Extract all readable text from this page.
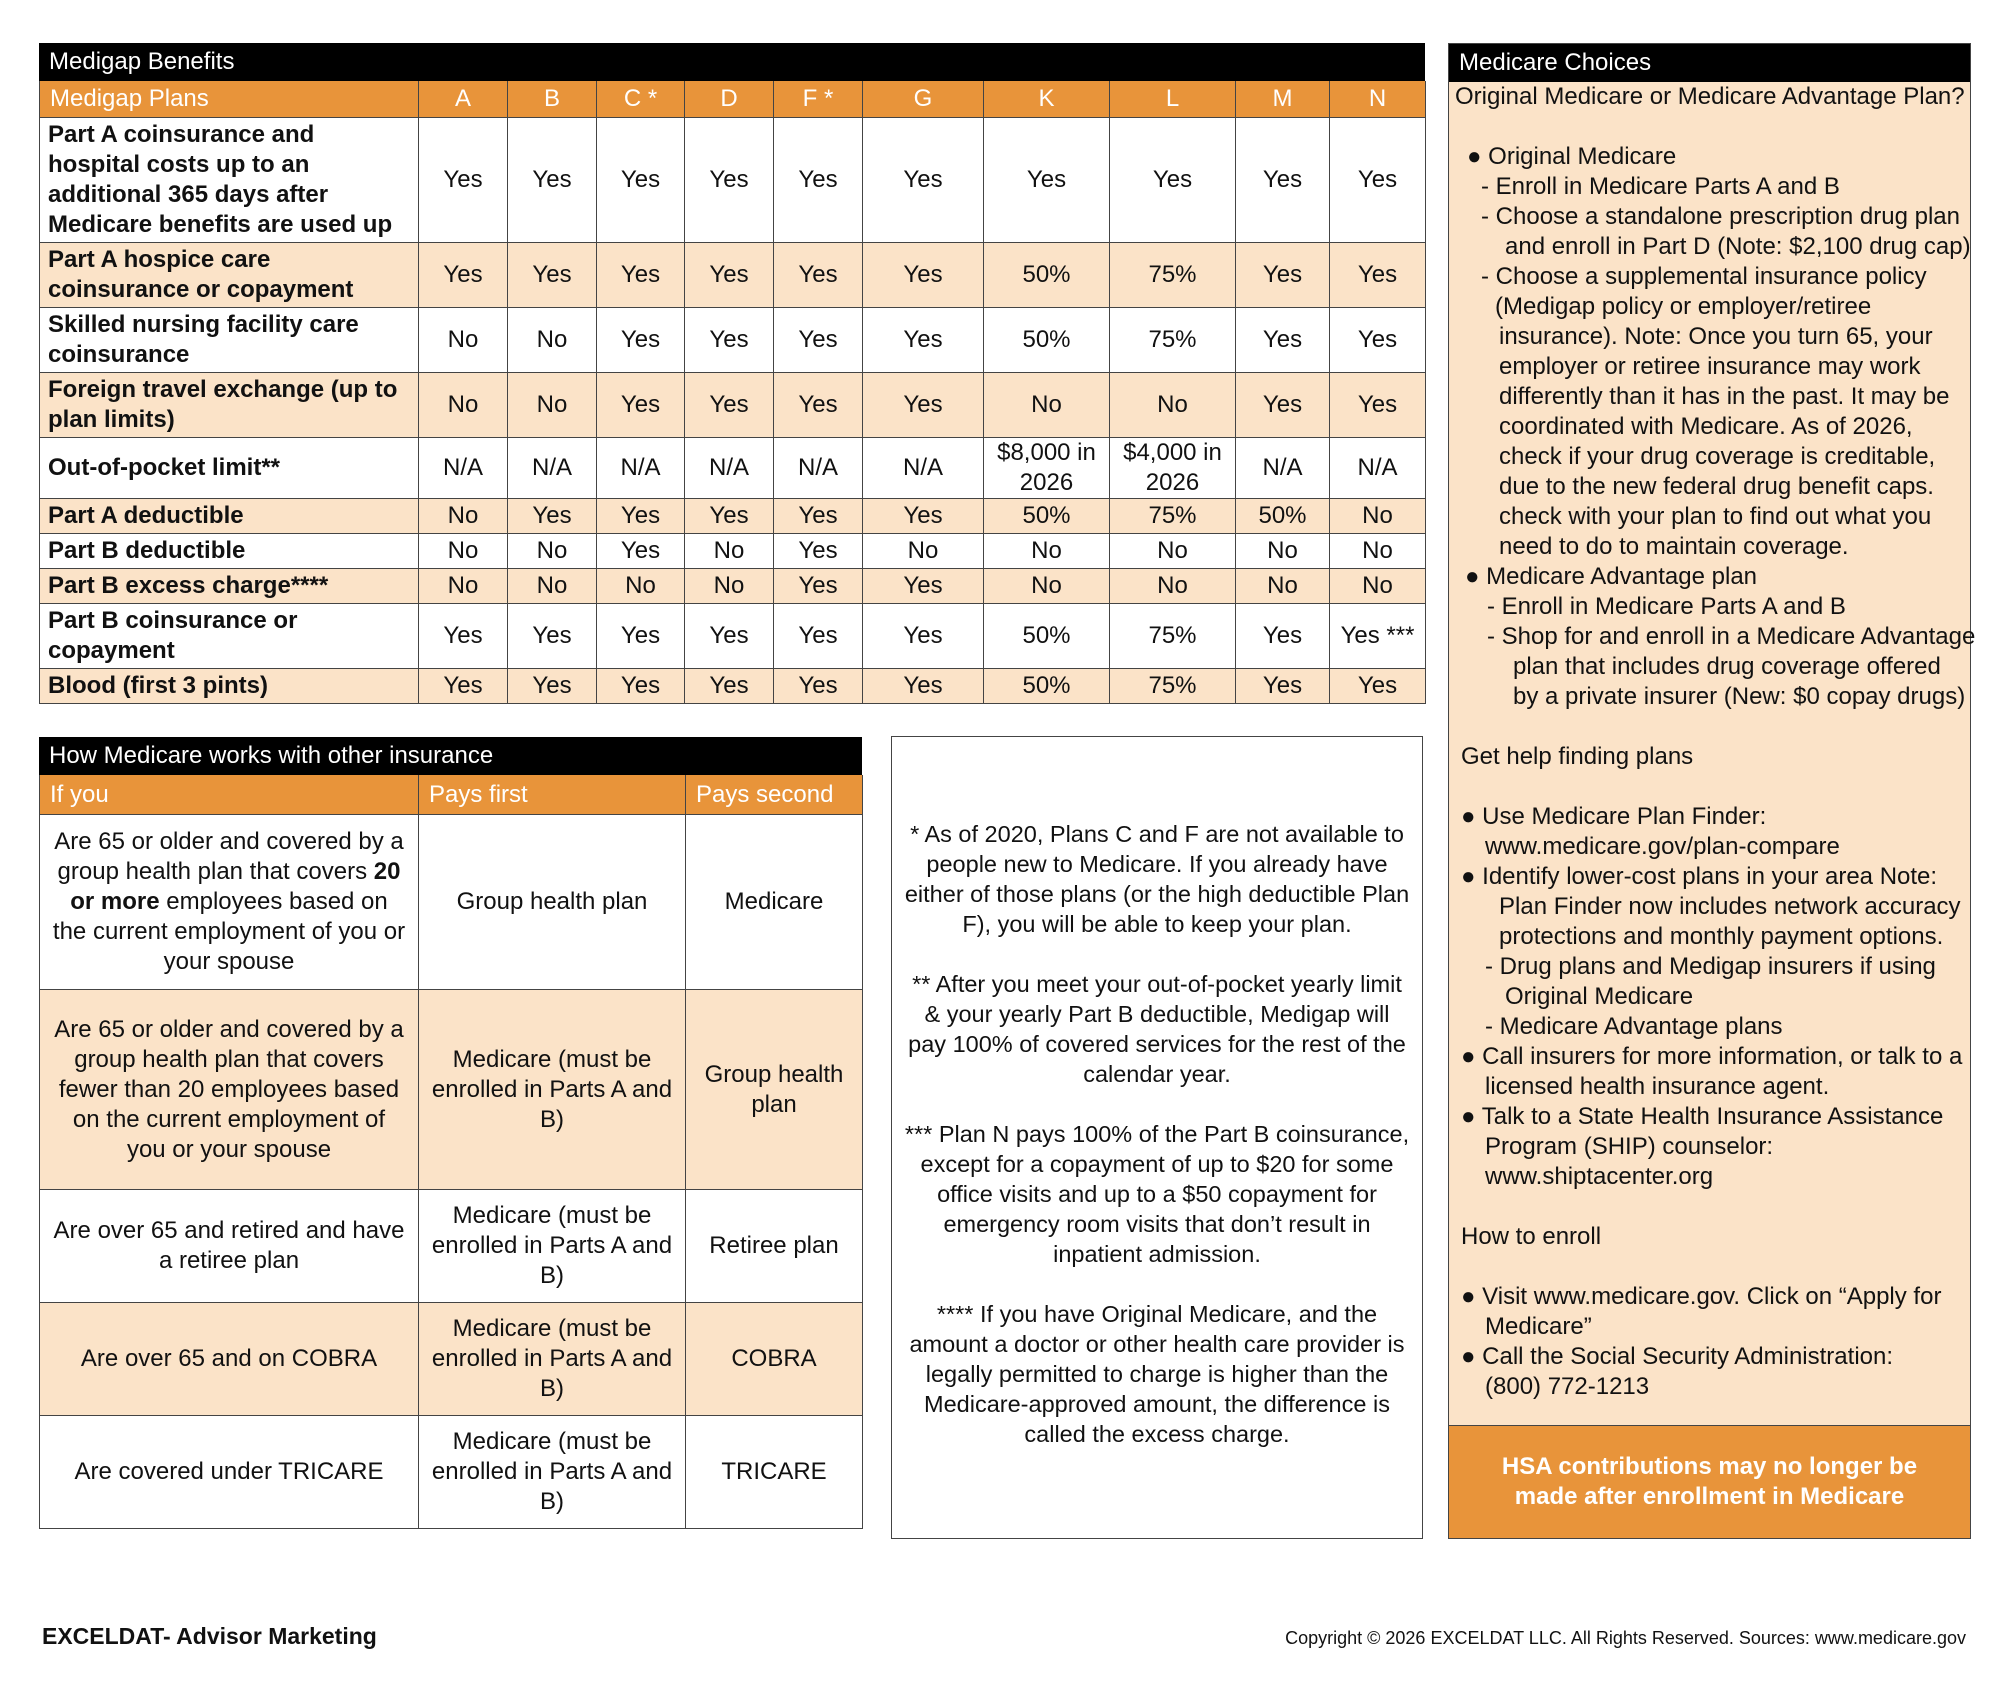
Medigap Benefits
Medigap Plans	A	B	C *	D	F *	G	K	L	M	N
Part A coinsurance and hospital costs up to an additional 365 days after Medicare benefits are used up	Yes	Yes	Yes	Yes	Yes	Yes	Yes	Yes	Yes	Yes
Part A hospice care coinsurance or copayment	Yes	Yes	Yes	Yes	Yes	Yes	50%	75%	Yes	Yes
Skilled nursing facility care coinsurance	No	No	Yes	Yes	Yes	Yes	50%	75%	Yes	Yes
Foreign travel exchange (up to plan limits)	No	No	Yes	Yes	Yes	Yes	No	No	Yes	Yes
Out-of-pocket limit**	N/A	N/A	N/A	N/A	N/A	N/A	$8,000 in 2026	$4,000 in 2026	N/A	N/A
Part A deductible	No	Yes	Yes	Yes	Yes	Yes	50%	75%	50%	No
Part B deductible	No	No	Yes	No	Yes	No	No	No	No	No
Part B excess charge****	No	No	No	No	Yes	Yes	No	No	No	No
Part B coinsurance or copayment	Yes	Yes	Yes	Yes	Yes	Yes	50%	75%	Yes	Yes ***
Blood (first 3 pints)	Yes	Yes	Yes	Yes	Yes	Yes	50%	75%	Yes	Yes
How Medicare works with other insurance
If you	Pays first	Pays second
Are 65 or older and covered by a group health plan that covers 20 or more employees based on the current employment of you or your spouse	Group health plan	Medicare
Are 65 or older and covered by a group health plan that covers fewer than 20 employees based on the current employment of you or your spouse	Medicare (must be enrolled in Parts A and B)	Group health plan
Are over 65 and retired and have a retiree plan	Medicare (must be enrolled in Parts A and B)	Retiree plan
Are over 65 and on COBRA	Medicare (must be enrolled in Parts A and B)	COBRA
Are covered under TRICARE	Medicare (must be enrolled in Parts A and B)	TRICARE

* As of 2020, Plans C and F are not available to people new to Medicare. If you already have either of those plans (or the high deductible Plan F), you will be able to keep your plan.

** After you meet your out-of-pocket yearly limit & your yearly Part B deductible, Medigap will pay 100% of covered services for the rest of the calendar year.

*** Plan N pays 100% of the Part B coinsurance, except for a copayment of up to $20 for some office visits and up to a $50 copayment for emergency room visits that don’t result in inpatient admission.

**** If you have Original Medicare, and the amount a doctor or other health care provider is legally permitted to charge is higher than the Medicare-approved amount, the difference is called the excess charge.

Medicare Choices
Original Medicare or Medicare Advantage Plan?
● Original Medicare
- Enroll in Medicare Parts A and B
- Choose a standalone prescription drug plan
and enroll in Part D (Note: $2,100 drug cap)
- Choose a supplemental insurance policy
(Medigap policy or employer/retiree
insurance). Note: Once you turn 65, your
employer or retiree insurance may work
differently than it has in the past. It may be
coordinated with Medicare. As of 2026,
check if your drug coverage is creditable,
due to the new federal drug benefit caps.
check with your plan to find out what you
need to do to maintain coverage.
● Medicare Advantage plan
- Enroll in Medicare Parts A and B
- Shop for and enroll in a Medicare Advantage
plan that includes drug coverage offered
by a private insurer (New: $0 copay drugs)
Get help finding plans
● Use Medicare Plan Finder:
www.medicare.gov/plan-compare
● Identify lower-cost plans in your area Note:
Plan Finder now includes network accuracy
protections and monthly payment options.
- Drug plans and Medigap insurers if using
Original Medicare
- Medicare Advantage plans
● Call insurers for more information, or talk to a
licensed health insurance agent.
● Talk to a State Health Insurance Assistance
Program (SHIP) counselor:
www.shiptacenter.org
How to enroll
● Visit www.medicare.gov. Click on “Apply for
Medicare”
● Call the Social Security Administration:
(800) 772-1213
HSA contributions may no longer be
made after enrollment in Medicare
EXCELDAT- Advisor Marketing	Copyright © 2026 EXCELDAT LLC. All Rights Reserved. Sources: www.medicare.gov
